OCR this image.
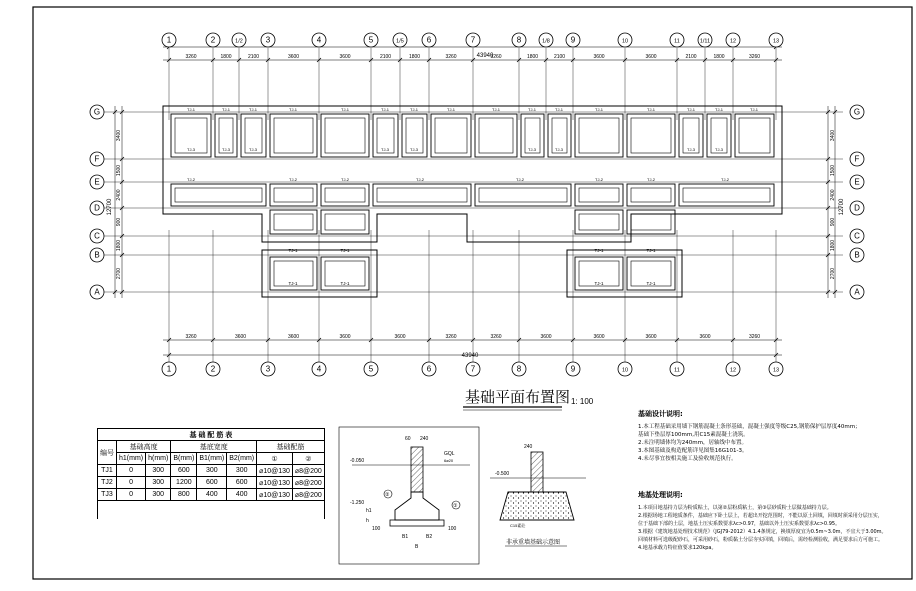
3260	1800	2100	3600	3600	2100	1800	3260	3260	1800	2100	3600	3600	2100	1800	3260
3260	3600	3600	3600	3600	3260	3260	3600	3600	3600	3600	3260
3400
1500
2400
900
1800
2700
3400
1500
2400
900
1800
2700
TJ-1	TJ-1	TJ-1	TJ-1	TJ-1	TJ-1	TJ-1	TJ-1	TJ-1	TJ-1	TJ-1	TJ-1	TJ-1	TJ-1	TJ-1	TJ-1
TJ-2	TJ-2	TJ-2	TJ-2	TJ-2	TJ-2	TJ-2	TJ-2
TJ-1
TJ-1
TJ-1
TJ-1
TJ-1
TJ-1
TJ-1
TJ-1
TJ-3	TJ-3	TJ-3	TJ-3	TJ-3	TJ-3	TJ-3	TJ-3	TJ-3
1	2	1/2	3	4	5	1/5	6	7	8	1/8	9	10	11	1/11	12	13
1	2	3	4	5	6	7	8	9	10	11	12	13
G	G
F	F
E	E
D	D
C	C
B	B
A	A
-0.050
-1.250
GQL
6⌀20
60 240
B1	B2
B
h1
h
100	100
①
②
240
-0.500
C15素砼
非承重墙基础示意图
43940
43940
12700	12700
基础平面布置图 1: 100
基 础 配 筋 表							
编号	基础高度		基底宽度			基础配筋	
	h1(mm)	h(mm)	B(mm)	B1(mm)	B2(mm)	①	②
TJ1	0	300	600	300	300	⌀10@130	⌀8@200
TJ2	0	300	1200	600	600	⌀10@130	⌀8@200
TJ3	0	300	800	400	400	⌀10@130	⌀8@200

基础设计说明:
1.本工程基础采用墙下钢筋混凝土条形基础，混凝土强度等级C25,钢筋保护层厚度40mm；
基础下垫层厚100mm,用C15素混凝土浇筑。
2.未注明墙体均为240mm，居轴线中布置。
3.本图基础及构造配筋详见图集16G101-3。
4.未尽事宜按相关施工及验收规范执行。
地基处理说明:
1.本项目地基持力层为粉质粘土，以第②层粉质粘土，第③层砂质粉土层做基础持力层。
2.根据场地工程地质条件，基础应下卧土层上，若超出开挖范围时，不能以原土回填，回填时须采用分层压实，
位于基础下部的土层，地基土压实系数要求λc>0.97，基础以外土压实系数要求λc>0.95。
3.根据《建筑地基处理技术规范》（JGJ79-2012）4.1.4条规定，换填厚度宜为0.5m~3.0m，不宜大于3.00m。
回填材料可选级配砂石，可采用砂石，粉质黏土分层夯实回填，回填后，需经检测验收，满足要求后方可施工。
4.地基承载力特征值要求120kpa。
